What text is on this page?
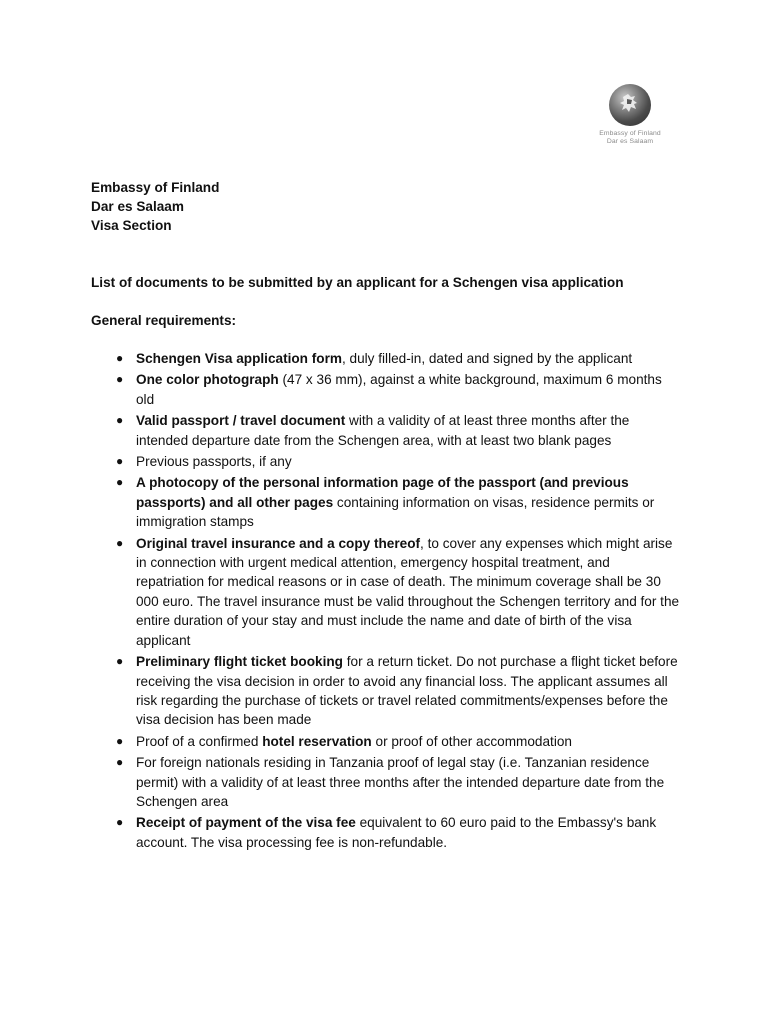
Embassy of Finland
Dar es Salaam
Embassy of Finland
Dar es Salaam
Visa Section
List of documents to be submitted by an applicant for a Schengen visa application
General requirements:
● Schengen Visa application form, duly filled-in, dated and signed by the applicant
● One color photograph (47 x 36 mm), against a white background, maximum 6 months old
● Valid passport / travel document with a validity of at least three months after the intended departure date from the Schengen area, with at least two blank pages
● Previous passports, if any
● A photocopy of the personal information page of the passport (and previous passports) and all other pages containing information on visas, residence permits or immigration stamps
● Original travel insurance and a copy thereof, to cover any expenses which might arise in connection with urgent medical attention, emergency hospital treatment, and repatriation for medical reasons or in case of death. The minimum coverage shall be 30 000 euro. The travel insurance must be valid throughout the Schengen territory and for the entire duration of your stay and must include the name and date of birth of the visa applicant
● Preliminary flight ticket booking for a return ticket. Do not purchase a flight ticket before receiving the visa decision in order to avoid any financial loss. The applicant assumes all risk regarding the purchase of tickets or travel related commitments/expenses before the visa decision has been made
● Proof of a confirmed hotel reservation or proof of other accommodation
● For foreign nationals residing in Tanzania proof of legal stay (i.e. Tanzanian residence permit) with a validity of at least three months after the intended departure date from the Schengen area
● Receipt of payment of the visa fee equivalent to 60 euro paid to the Embassy's bank account. The visa processing fee is non-refundable.
